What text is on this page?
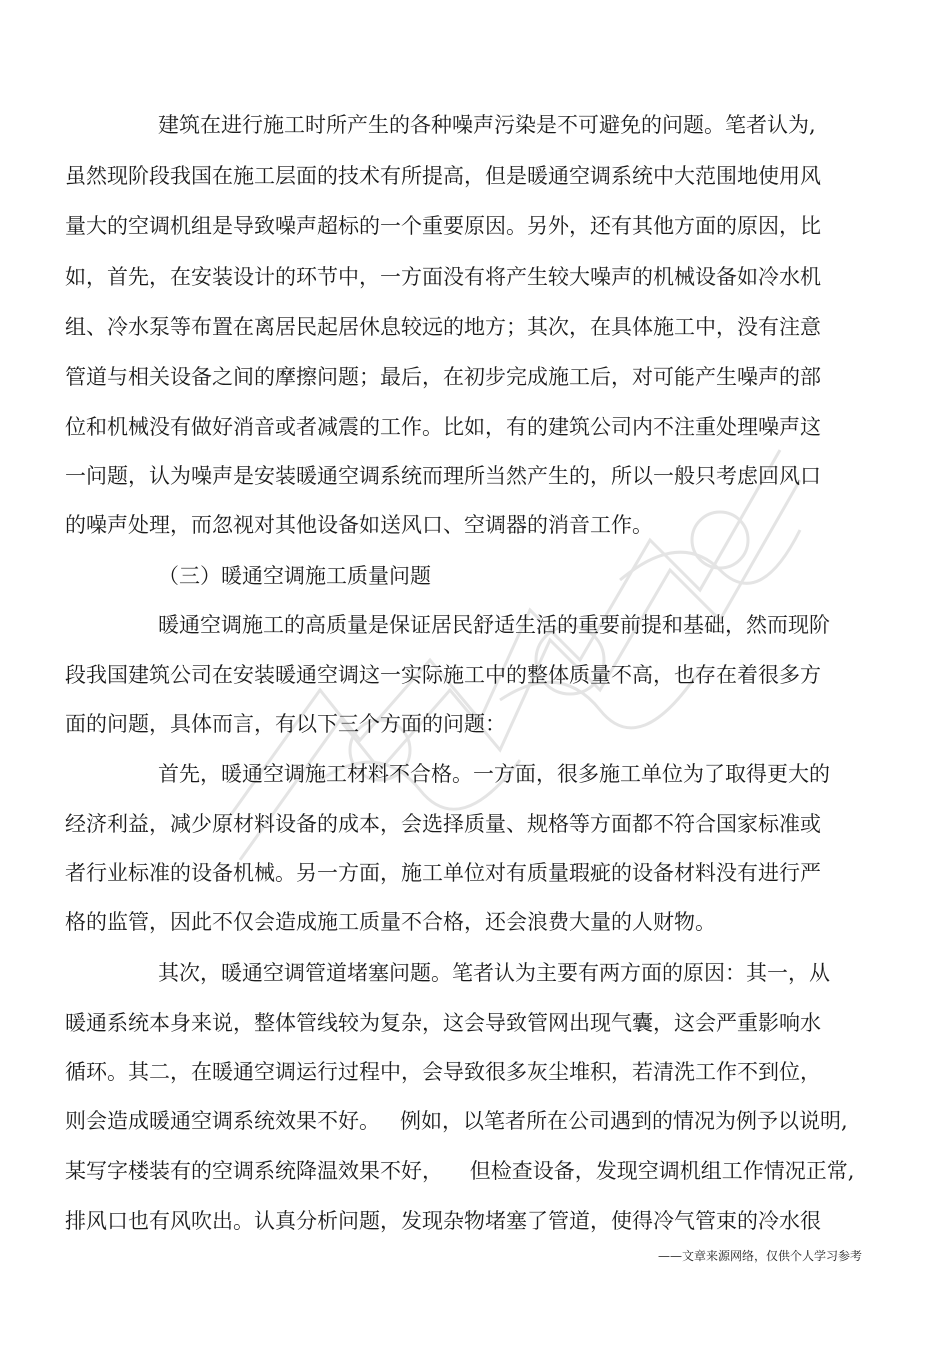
建筑在进行施工时所产生的各种噪声污染是不可避免的问题。笔者认为,
虽然现阶段我国在施工层面的技术有所提高，但是暖通空调系统中大范围地使用风
量大的空调机组是导致噪声超标的一个重要原因。另外，还有其他方面的原因，比
如，首先，在安装设计的环节中，一方面没有将产生较大噪声的机械设备如冷水机
组、冷水泵等布置在离居民起居休息较远的地方；其次，在具体施工中，没有注意
管道与相关设备之间的摩擦问题；最后，在初步完成施工后，对可能产生噪声的部
位和机械没有做好消音或者减震的工作。比如，有的建筑公司内不注重处理噪声这
一问题，认为噪声是安装暖通空调系统而理所当然产生的，所以一般只考虑回风口
的噪声处理，而忽视对其他设备如送风口、空调器的消音工作。
（三）暖通空调施工质量问题
暖通空调施工的高质量是保证居民舒适生活的重要前提和基础，然而现阶
段我国建筑公司在安装暖通空调这一实际施工中的整体质量不高，也存在着很多方
面的问题，具体而言，有以下三个方面的问题：
首先，暖通空调施工材料不合格。一方面，很多施工单位为了取得更大的
经济利益，减少原材料设备的成本，会选择质量、规格等方面都不符合国家标准或
者行业标准的设备机械。另一方面，施工单位对有质量瑕疵的设备材料没有进行严
格的监管，因此不仅会造成施工质量不合格，还会浪费大量的人财物。
其次，暖通空调管道堵塞问题。笔者认为主要有两方面的原因：其一，从
暖通系统本身来说，整体管线较为复杂，这会导致管网出现气囊，这会严重影响水
循环。其二，在暖通空调运行过程中，会导致很多灰尘堆积，若清洗工作不到位，
则会造成暖通空调系统效果不好。   例如，以笔者所在公司遇到的情况为例予以说明,
某写字楼装有的空调系统降温效果不好，    但检查设备，发现空调机组工作情况正常,
排风口也有风吹出。认真分析问题，发现杂物堵塞了管道，使得冷气管束的冷水很
——文章来源网络，仅供个人学习参考
